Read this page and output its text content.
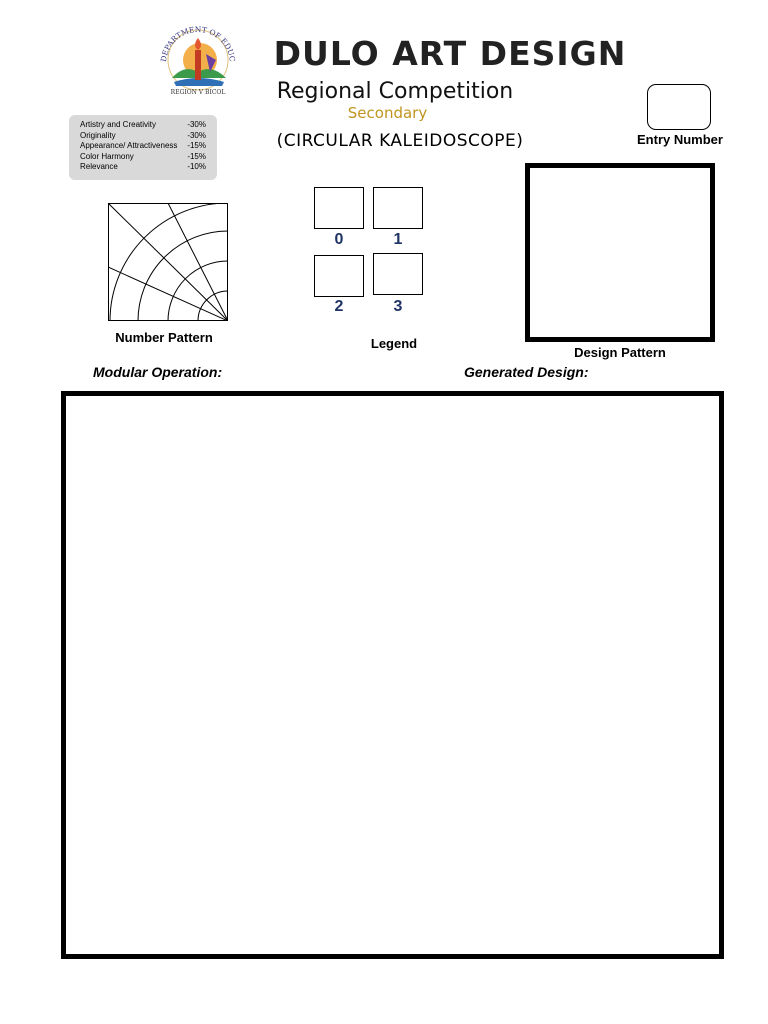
DEPARTMENT OF EDUC
REGION V BICOL
DULO ART DESIGN
Regional Competition
Secondary
(CIRCULAR KALEIDOSCOPE)	Entry Number
Artistry and Creativity	-30%
Originality	-30%
Appearance/ Attractiveness	-15%
Color Harmony	-15%
Relevance	-10%
Number Pattern
0	1
2	3
Legend
Design Pattern
Modular Operation:	Generated Design:
